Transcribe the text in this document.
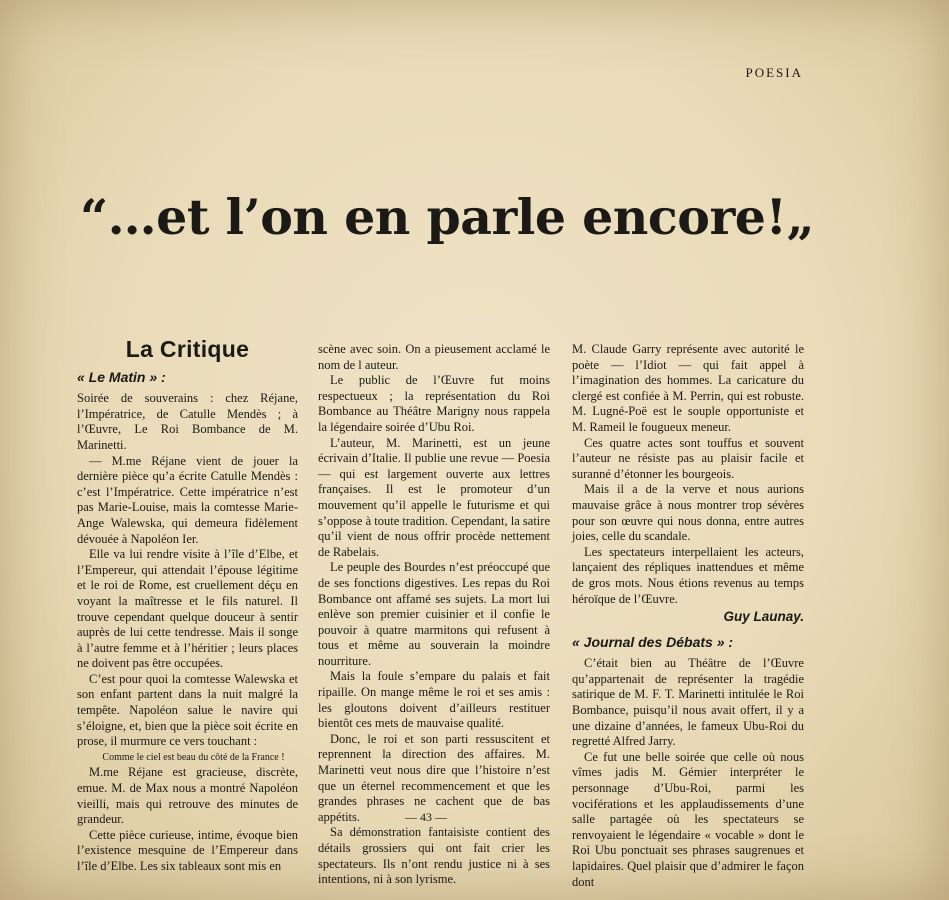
POESIA
“…et l’on en parle encore!„
La Critique
« Le Matin » :

Soirée de souverains : chez Réjane, l’Impératrice, de Catulle Mendès ; à l’Œuvre, Le Roi Bombance de M. Marinetti.

— M.me Réjane vient de jouer la dernière pièce qu’a écrite Catulle Mendès : c’est l’Impératrice. Cette impératrice n’est pas Marie-Louise, mais la comtesse Marie-Ange Walewska, qui demeura fidèlement dévouée à Napoléon Ier.

Elle va lui rendre visite à l’île d’Elbe, et l’Empereur, qui attendait l’épouse légitime et le roi de Rome, est cruellement déçu en voyant la maîtresse et le fils naturel. Il trouve cependant quelque douceur à sentir auprès de lui cette tendresse. Mais il songe à l’autre femme et à l’héritier ; leurs places ne doivent pas être occupées.

C’est pour quoi la comtesse Walewska et son enfant partent dans la nuit malgré la tempête. Napoléon salue le navire qui s’éloigne, et, bien que la pièce soit écrite en prose, il murmure ce vers touchant :

Comme le ciel est beau du côté de la France !

M.me Réjane est gracieuse, discrète, emue. M. de Max nous a montré Napoléon vieilli, mais qui retrouve des minutes de grandeur.

Cette pièce curieuse, intime, évoque bien l’existence mesquine de l’Empereur dans l’île d’Elbe. Les six tableaux sont mis en

scène avec soin. On a pieusement acclamé le nom de l auteur.

Le public de l’Œuvre fut moins respectueux ; la représentation du Roi Bombance au Théâtre Marigny nous rappela la légendaire soirée d’Ubu Roi.

L’auteur, M. Marinetti, est un jeune écrivain d’Italie. Il publie une revue — Poesia — qui est largement ouverte aux lettres françaises. Il est le promoteur d’un mouvement qu’il appelle le futurisme et qui s’oppose à toute tradition. Cependant, la satire qu’il vient de nous offrir procède nettement de Rabelais.

Le peuple des Bourdes n’est préoccupé que de ses fonctions digestives. Les repas du Roi Bombance ont affamé ses sujets. La mort lui enlève son premier cuisinier et il confie le pouvoir à quatre marmitons qui refusent à tous et même au souverain la moindre nourriture.

Mais la foule s’empare du palais et fait ripaille. On mange même le roi et ses amis : les gloutons doivent d’ailleurs restituer bientôt ces mets de mauvaise qualité.

Donc, le roi et son parti ressuscitent et reprennent la direction des affaires. M. Marinetti veut nous dire que l’histoire n’est que un éternel recommencement et que les grandes phrases ne cachent que de bas appétits.

Sa démonstration fantaisiste contient des détails grossiers qui ont fait crier les spectateurs. Ils n’ont rendu justice ni à ses intentions, ni à son lyrisme.

M. Claude Garry représente avec autorité le poète — l’Idiot — qui fait appel à l’imagination des hommes. La caricature du clergé est confiée à M. Perrin, qui est robuste. M. Lugné-Poë est le souple opportuniste et M. Rameil le fougueux meneur.

Ces quatre actes sont touffus et souvent l’auteur ne résiste pas au plaisir facile et suranné d’étonner les bourgeois.

Mais il a de la verve et nous aurions mauvaise grâce à nous montrer trop sévères pour son œuvre qui nous donna, entre autres joies, celle du scandale.

Les spectateurs interpellaient les acteurs, lançaient des répliques inattendues et même de gros mots. Nous étions revenus au temps héroïque de l’Œuvre.

Guy Launay.
« Journal des Débats » :

C’était bien au Théâtre de l’Œuvre qu’appartenait de représenter la tragédie satirique de M. F. T. Marinetti intitulée le Roi Bombance, puisqu’il nous avait offert, il y a une dizaine d’années, le fameux Ubu-Roi du regretté Alfred Jarry.

Ce fut une belle soirée que celle où nous vîmes jadis M. Gémier interpréter le personnage d’Ubu-Roi, parmi les vociférations et les applaudissements d’une salle partagée où les spectateurs se renvoyaient le légendaire « vocable » dont le Roi Ubu ponctuait ses phrases saugrenues et lapidaires. Quel plaisir que d’admirer le façon dont

— 43 —
